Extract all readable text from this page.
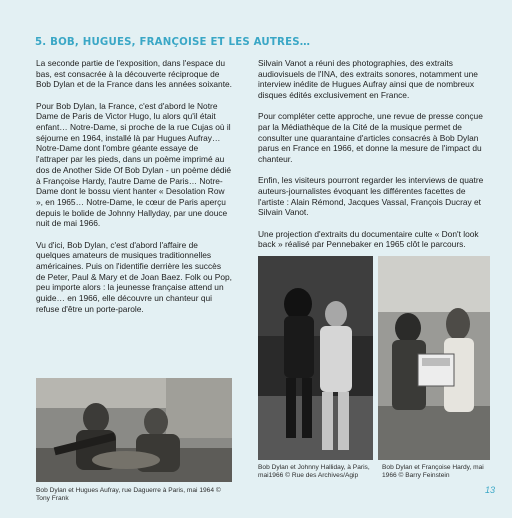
5. BOB, HUGUES, FRANÇOISE ET LES AUTRES…

La seconde partie de l'exposition, dans l'espace du bas, est consacrée à la découverte réciproque de Bob Dylan et de la France dans les années soixante.

Pour Bob Dylan, la France, c'est d'abord le Notre Dame de Paris de Victor Hugo, lu alors qu'il était enfant… Notre-Dame, si proche de la rue Cujas où il séjourne en 1964, installé là par Hugues Aufray… Notre-Dame dont l'ombre géante essaye de l'attraper par les pieds, dans un poème imprimé au dos de Another Side Of Bob Dylan - un poème dédié à Françoise Hardy, l'autre Dame de Paris… Notre-Dame dont le bossu vient hanter « Desolation Row », en 1965… Notre-Dame, le cœur de Paris aperçu depuis le bolide de Johnny Hallyday, par une douce nuit de mai 1966.

Vu d'ici, Bob Dylan, c'est d'abord l'affaire de quelques amateurs de musiques traditionnelles américaines. Puis on l'identifie derrière les succès de Peter, Paul & Mary et de Joan Baez. Folk ou Pop, peu importe alors : la jeunesse française attend un guide… en 1966, elle découvre un chanteur qui refuse d'être un porte-parole.

Silvain Vanot a réuni des photographies, des extraits audiovisuels de l'INA, des extraits sonores, notamment une interview inédite de Hugues Aufray ainsi que de nombreux disques édités exclusivement en France.

Pour compléter cette approche, une revue de presse conçue par la Médiathèque de la Cité de la musique permet de consulter une quarantaine d'articles consacrés à Bob Dylan parus en France en 1966, et donne la mesure de l'impact du chanteur.

Enfin, les visiteurs pourront regarder les interviews de quatre auteurs-journalistes évoquant les différentes facettes de l'artiste : Alain Rémond, Jacques Vassal, François Ducray et Silvain Vanot.

Une projection d'extraits du documentaire culte « Don't look back » réalisé par Pennebaker en 1965 clôt le parcours.

Bob Dylan et Hugues Aufray, rue Daguerre à Paris, mai 1964 © Tony Frank
Bob Dylan et Johnny Halliday, à Paris, mai1966 © Rue des Archives/Agip
Bob Dylan et Françoise Hardy, mai 1966 © Barry Feinstein
13
